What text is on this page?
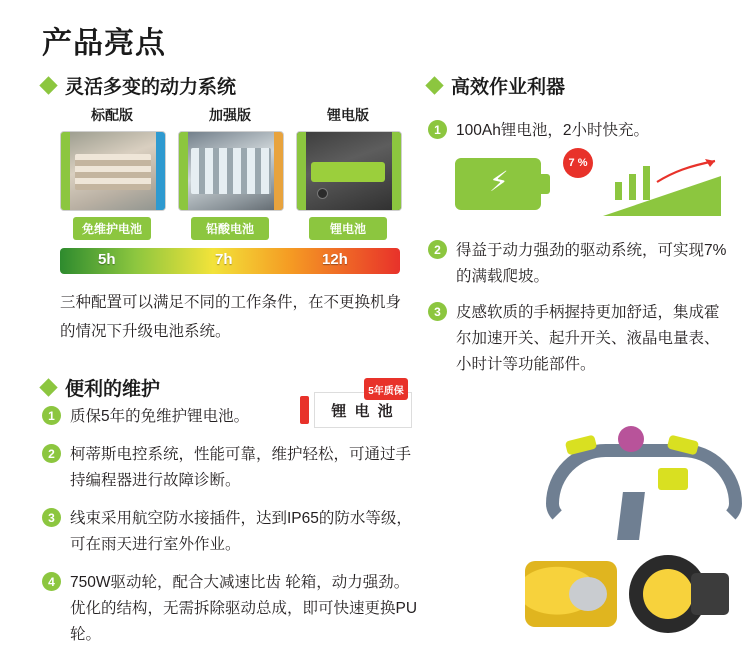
产品亮点
灵活多变的动力系统
标配版
免维护电池
加强版
铅酸电池
锂电版
锂电池
5h	7h	12h
三种配置可以满足不同的工作条件，在不更换机身的情况下升级电池系统。
便利的维护
1 质保5年的免维护锂电池。
2 柯蒂斯电控系统，性能可靠，维护轻松，可通过手持编程器进行故障诊断。
3 线束采用航空防水接插件，达到IP65的防水等级，可在雨天进行室外作业。
4 750W驱动轮，配合大减速比齿 轮箱，动力强劲。优化的结构，无需拆除驱动总成，即可快速更换PU轮。
锂 电 池
5年质保
高效作业利器
1 100Ah锂电池，2小时快充。
⚡
7 %
2 得益于动力强劲的驱动系统，可实现7%的满载爬坡。
3 皮感软质的手柄握持更加舒适，集成霍尔加速开关、起升开关、液晶电量表、小时计等功能部件。
